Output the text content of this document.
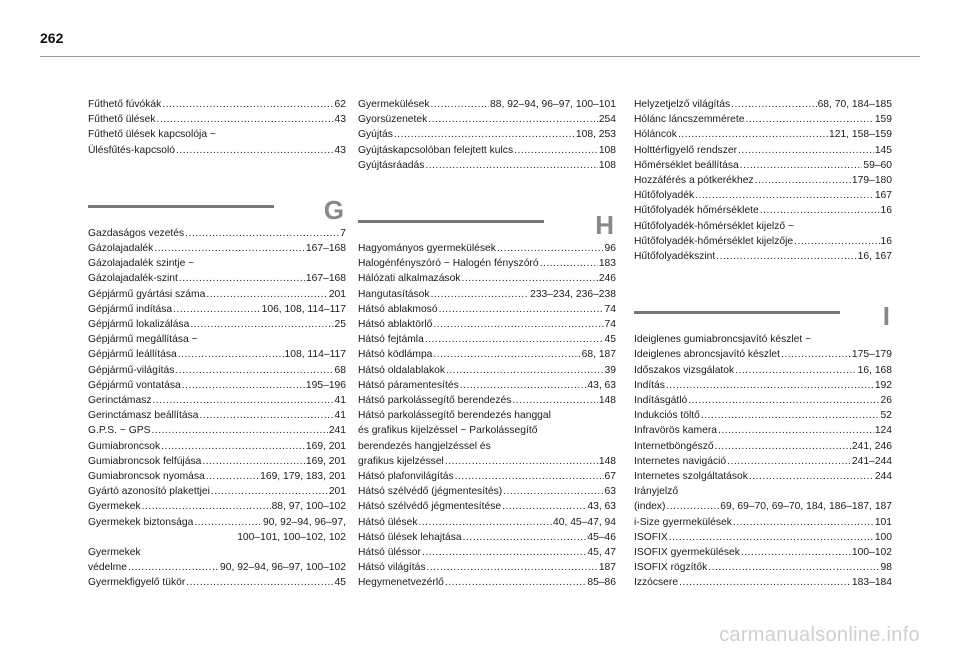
262
Fűthető fúvókák .....	62
Fűthető ülések .....	43
Fűthető ülések kapcsolója ~
Ülésfűtés-kapcsoló .....	43
G
Gazdaságos vezetés .....	7
Gázolajadalék .....	167–168
Gázolajadalék szintje ~
Gázolajadalék-szint .....	167–168
Gépjármű gyártási száma .....	201
Gépjármű indítása .....	106, 108, 114–117
Gépjármű lokalizálása .....	25
Gépjármű megállítása ~
Gépjármű leállítása .....	108, 114–117
Gépjármű-világítás .....	68
Gépjármű vontatása .....	195–196
Gerinctámasz .....	41
Gerinctámasz beállítása .....	41
G.P.S. ~ GPS .....	241
Gumiabroncsok .....	169, 201
Gumiabroncsok felfújása .....	169, 201
Gumiabroncsok nyomása .....	169, 179, 183, 201
Gyártó azonosító plakettjei .....	201
Gyermekek .....	88, 97, 100–102
Gyermekek biztonsága .....	90, 92–94, 96–97,
100–101, 100–102, 102
Gyermekek
védelme .....	90, 92–94, 96–97, 100–102
Gyermekfigyelő tükör .....	45
Gyermekülések .....	88, 92–94, 96–97, 100–101
Gyorsüzenetek .....	254
Gyújtás .....	108, 253
Gyújtáskapcsolóban felejtett kulcs .....	108
Gyújtásráadás .....	108
H
Hagyományos gyermekülések .....	96
Halogénfényszóró ~ Halogén fényszóró .....	183
Hálózati alkalmazások .....	246
Hangutasítások .....	233–234, 236–238
Hátsó ablakmosó .....	74
Hátsó ablaktörlő .....	74
Hátsó fejtámla .....	45
Hátsó ködlámpa .....	68, 187
Hátsó oldalablakok .....	39
Hátsó páramentesítés .....	43, 63
Hátsó parkolássegítő berendezés .....	148
Hátsó parkolássegítő berendezés hanggal
és grafikus kijelzéssel ~ Parkolássegítő
berendezés hangjelzéssel és
grafikus kijelzéssel .....	148
Hátsó plafonvilágítás .....	67
Hátsó szélvédő (jégmentesítés) .....	63
Hátsó szélvédő jégmentesítése .....	43, 63
Hátsó ülések .....	40, 45–47, 94
Hátsó ülések lehajtása .....	45–46
Hátsó üléssor .....	45, 47
Hátsó világítás .....	187
Hegymenetvezérlő .....	85–86
Helyzetjelző világítás .....	68, 70, 184–185
Hólánc láncszemmérete .....	159
Hóláncok .....	121, 158–159
Holttérfigyelő rendszer .....	145
Hőmérséklet beállítása .....	59–60
Hozzáférés a pótkerékhez .....	179–180
Hűtőfolyadék .....	167
Hűtőfolyadék hőmérséklete .....	16
Hűtőfolyadék-hőmérséklet kijelző ~
Hűtőfolyadék-hőmérséklet kijelzője .....	16
Hűtőfolyadékszint .....	16, 167
I
Ideiglenes gumiabroncsjavító készlet ~
Ideiglenes abroncsjavító készlet .....	175–179
Időszakos vizsgálatok .....	16, 168
Indítás .....	192
Indításgátló .....	26
Indukciós töltő .....	52
Infravörös kamera .....	124
Internetböngésző .....	241, 246
Internetes navigáció .....	241–244
Internetes szolgáltatások .....	244
Irányjelző
(index) .....	69, 69–70, 69–70, 184, 186–187, 187
i-Size gyermekülések .....	101
ISOFIX .....	100
ISOFIX gyermekülések .....	100–102
ISOFIX rögzítők .....	98
Izzócsere .....	183–184
carmanualsonline.info
